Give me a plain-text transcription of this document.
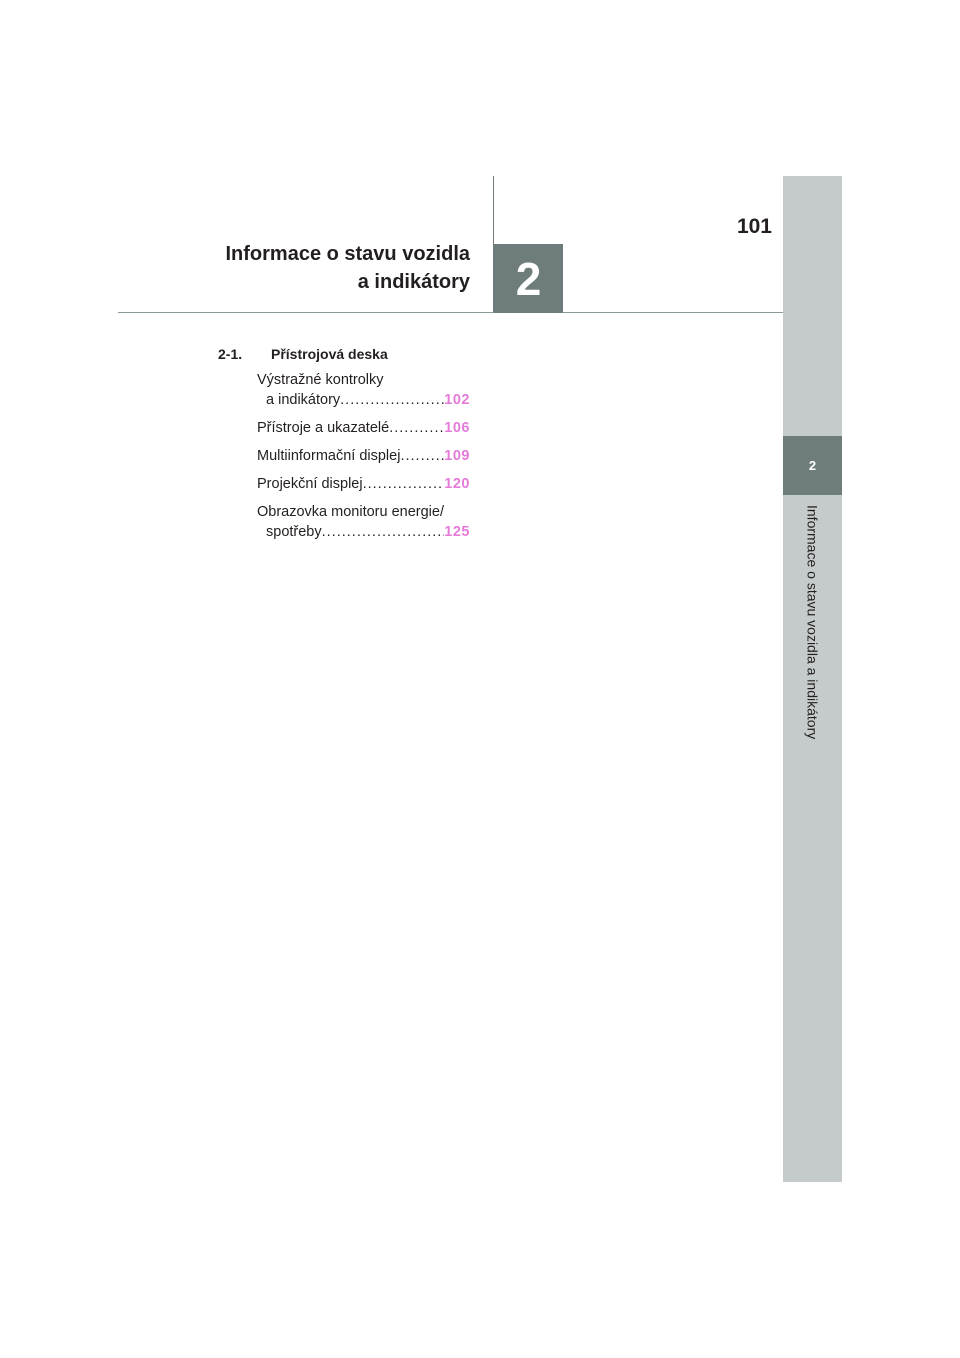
2
Informace o stavu vozidla a indikátory
2
101
Informace o stavu vozidla
a indikátory
2-1. Přístrojová deska
Výstražné kontrolky
a indikátory .....	102
Přístroje a ukazatelé .....	106
Multiinformační displej .....	109
Projekční displej .....	120
Obrazovka monitoru energie/
spotřeby .....	125
